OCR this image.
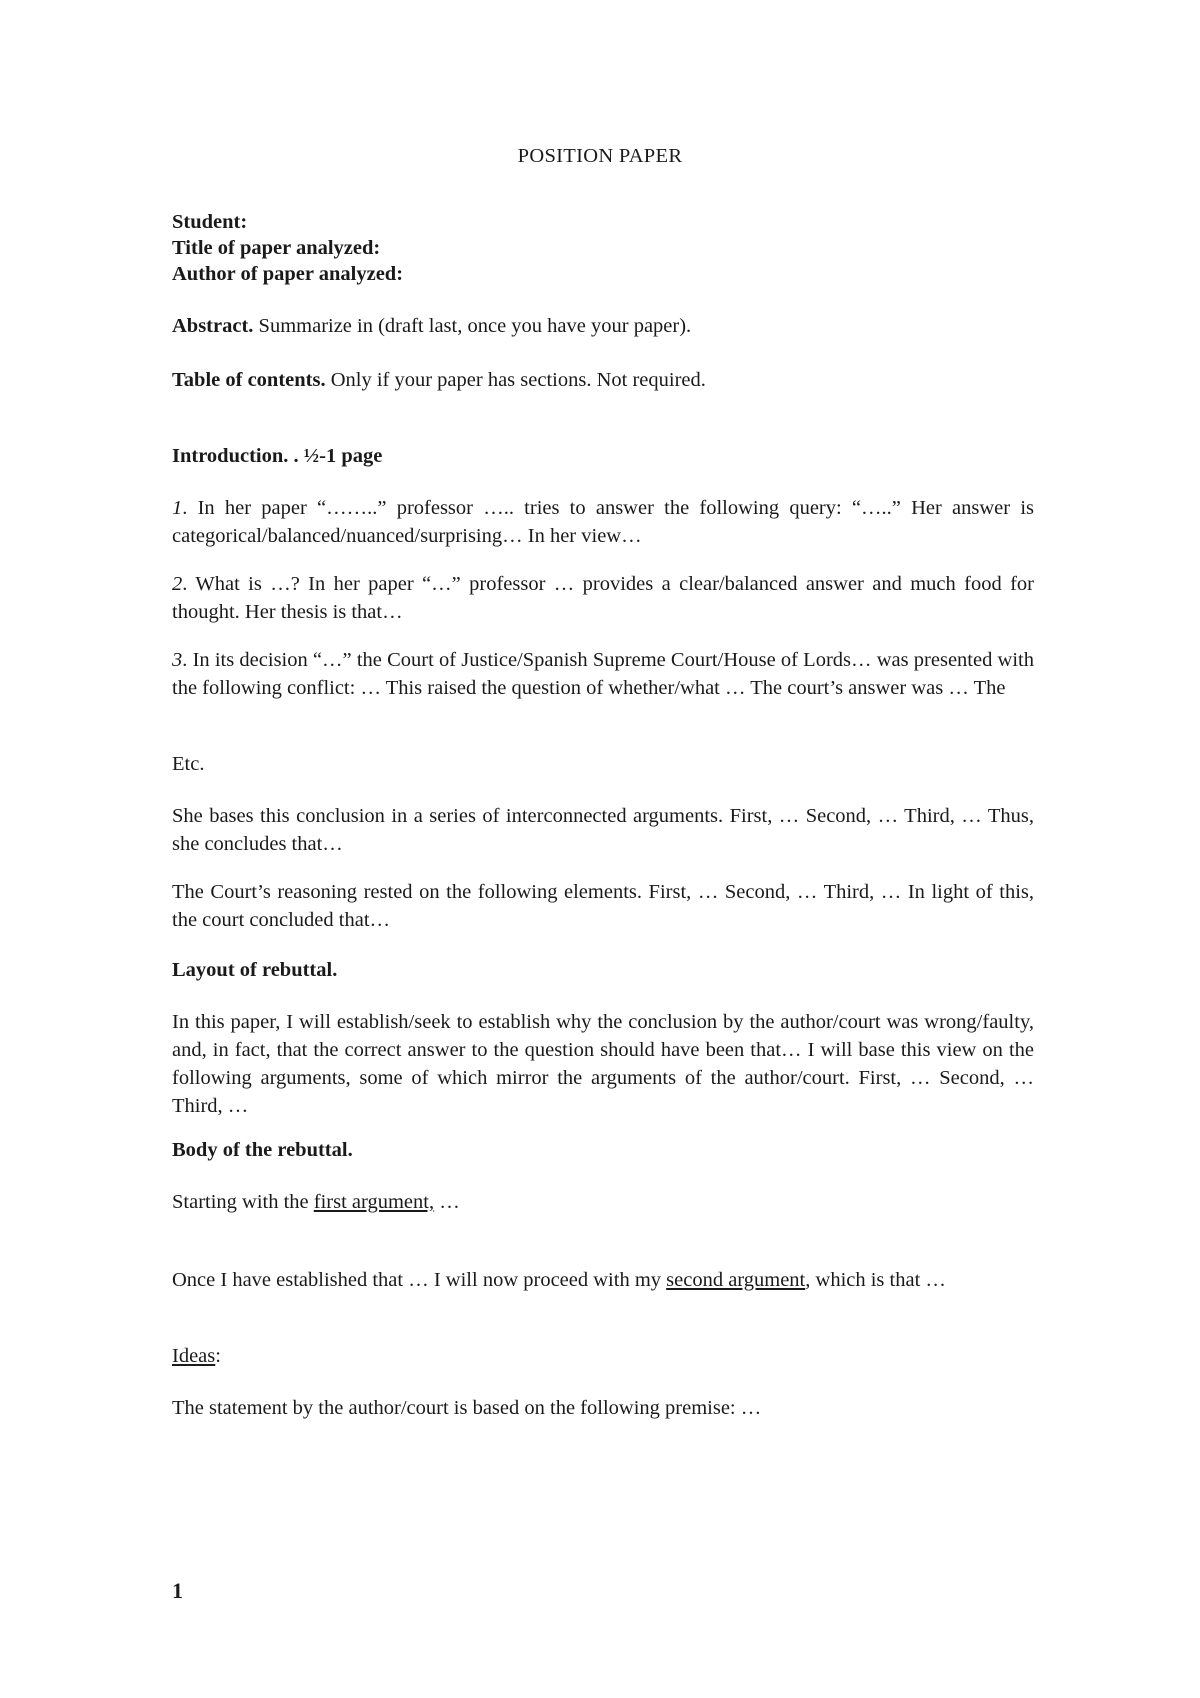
POSITION PAPER
Student:
Title of paper analyzed:
Author of paper analyzed:
Abstract. Summarize in (draft last, once you have your paper).
Table of contents. Only if your paper has sections. Not required.
Introduction. . ½-1 page
1. In her paper “……..” professor ….. tries to answer the following query: “…..” Her answer is categorical/balanced/nuanced/surprising… In her view…
2. What is …? In her paper “…” professor … provides a clear/balanced answer and much food for thought. Her thesis is that…
3. In its decision “…” the Court of Justice/Spanish Supreme Court/House of Lords… was presented with the following conflict: … This raised the question of whether/what … The court’s answer was … The
Etc.
She bases this conclusion in a series of interconnected arguments. First, … Second, … Third, … Thus, she concludes that…
The Court’s reasoning rested on the following elements. First, … Second, … Third, … In light of this, the court concluded that…
Layout of rebuttal.
In this paper, I will establish/seek to establish why the conclusion by the author/court was wrong/faulty, and, in fact, that the correct answer to the question should have been that… I will base this view on the following arguments, some of which mirror the arguments of the author/court. First, … Second, … Third, …
Body of the rebuttal.
Starting with the first argument, …
Once I have established that … I will now proceed with my second argument, which is that …
Ideas:
The statement by the author/court is based on the following premise: …
1
